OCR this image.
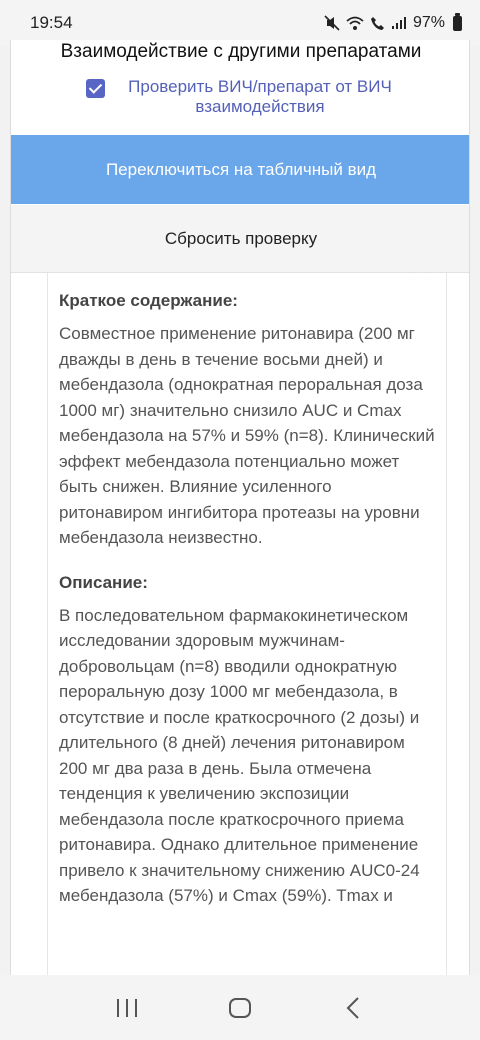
19:54	97%
Взаимодействие с другими препаратами
Проверить ВИЧ/препарат от ВИЧ взаимодействия
Переключиться на табличный вид
Сбросить проверку
Краткое содержание:
Совместное применение ритонавира (200 мг дважды в день в течение восьми дней) и мебендазола (однократная пероральная доза 1000 мг) значительно снизило AUC и Cmax мебендазола на 57% и 59% (n=8). Клинический эффект мебендазола потенциально может быть снижен. Влияние усиленного ритонавиром ингибитора протеазы на уровни мебендазола неизвестно.
Описание:
В последовательном фармакокинетическом исследовании здоровым мужчинам-добровольцам (n=8) вводили однократную пероральную дозу 1000 мг мебендазола, в отсутствие и после краткосрочного (2 дозы) и длительного (8 дней) лечения ритонавиром 200 мг два раза в день. Была отмечена тенденция к увеличению экспозиции мебендазола после краткосрочного приема ритонавира. Однако длительное применение привело к значительному снижению AUC0-24 мебендазола (57%) и Cmax (59%). Tmax и
